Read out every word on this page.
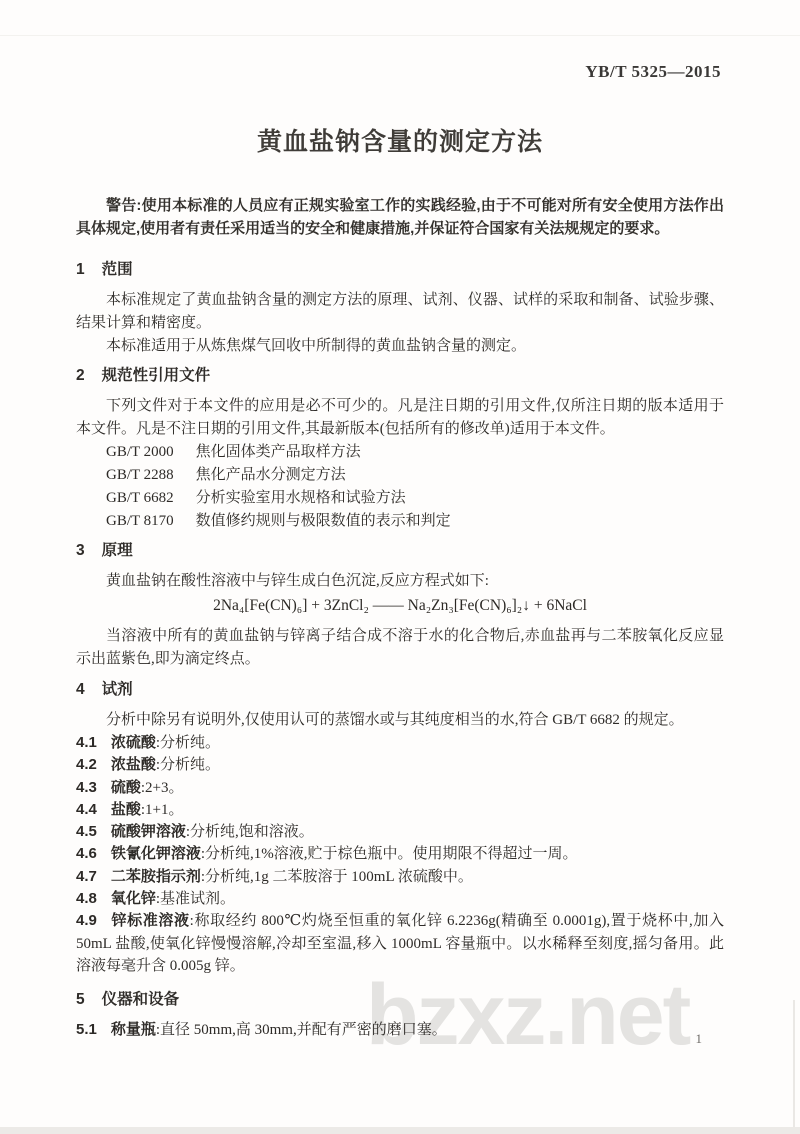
bzxz.net
YB/T 5325—2015
黄血盐钠含量的测定方法

警告:使用本标准的人员应有正规实验室工作的实践经验,由于不可能对所有安全使用方法作出具体规定,使用者有责任采用适当的安全和健康措施,并保证符合国家有关法规规定的要求。

1 范围

本标准规定了黄血盐钠含量的测定方法的原理、试剂、仪器、试样的采取和制备、试验步骤、结果计算和精密度。

本标准适用于从炼焦煤气回收中所制得的黄血盐钠含量的测定。

2 规范性引用文件

下列文件对于本文件的应用是必不可少的。凡是注日期的引用文件,仅所注日期的版本适用于本文件。凡是不注日期的引用文件,其最新版本(包括所有的修改单)适用于本文件。

GB/T 2000 焦化固体类产品取样方法

GB/T 2288 焦化产品水分测定方法

GB/T 6682 分析实验室用水规格和试验方法

GB/T 8170 数值修约规则与极限数值的表示和判定

3 原理

黄血盐钠在酸性溶液中与锌生成白色沉淀,反应方程式如下:

2Na₄[Fe(CN)₆] + 3ZnCl₂ —— Na₂Zn₃[Fe(CN)₆]₂↓ + 6NaCl

当溶液中所有的黄血盐钠与锌离子结合成不溶于水的化合物后,赤血盐再与二苯胺氧化反应显示出蓝紫色,即为滴定终点。

4 试剂

分析中除另有说明外,仅使用认可的蒸馏水或与其纯度相当的水,符合 GB/T 6682 的规定。

4.1 浓硫酸:分析纯。

4.2 浓盐酸:分析纯。

4.3 硫酸:2+3。

4.4 盐酸:1+1。

4.5 硫酸钾溶液:分析纯,饱和溶液。

4.6 铁氰化钾溶液:分析纯,1%溶液,贮于棕色瓶中。使用期限不得超过一周。

4.7 二苯胺指示剂:分析纯,1g 二苯胺溶于 100mL 浓硫酸中。

4.8 氧化锌:基准试剂。

4.9 锌标准溶液:称取经约 800℃灼烧至恒重的氧化锌 6.2236g(精确至 0.0001g),置于烧杯中,加入 50mL 盐酸,使氧化锌慢慢溶解,冷却至室温,移入 1000mL 容量瓶中。以水稀释至刻度,摇匀备用。此溶液每毫升含 0.005g 锌。

5 仪器和设备

5.1 称量瓶:直径 50mm,高 30mm,并配有严密的磨口塞。

1
